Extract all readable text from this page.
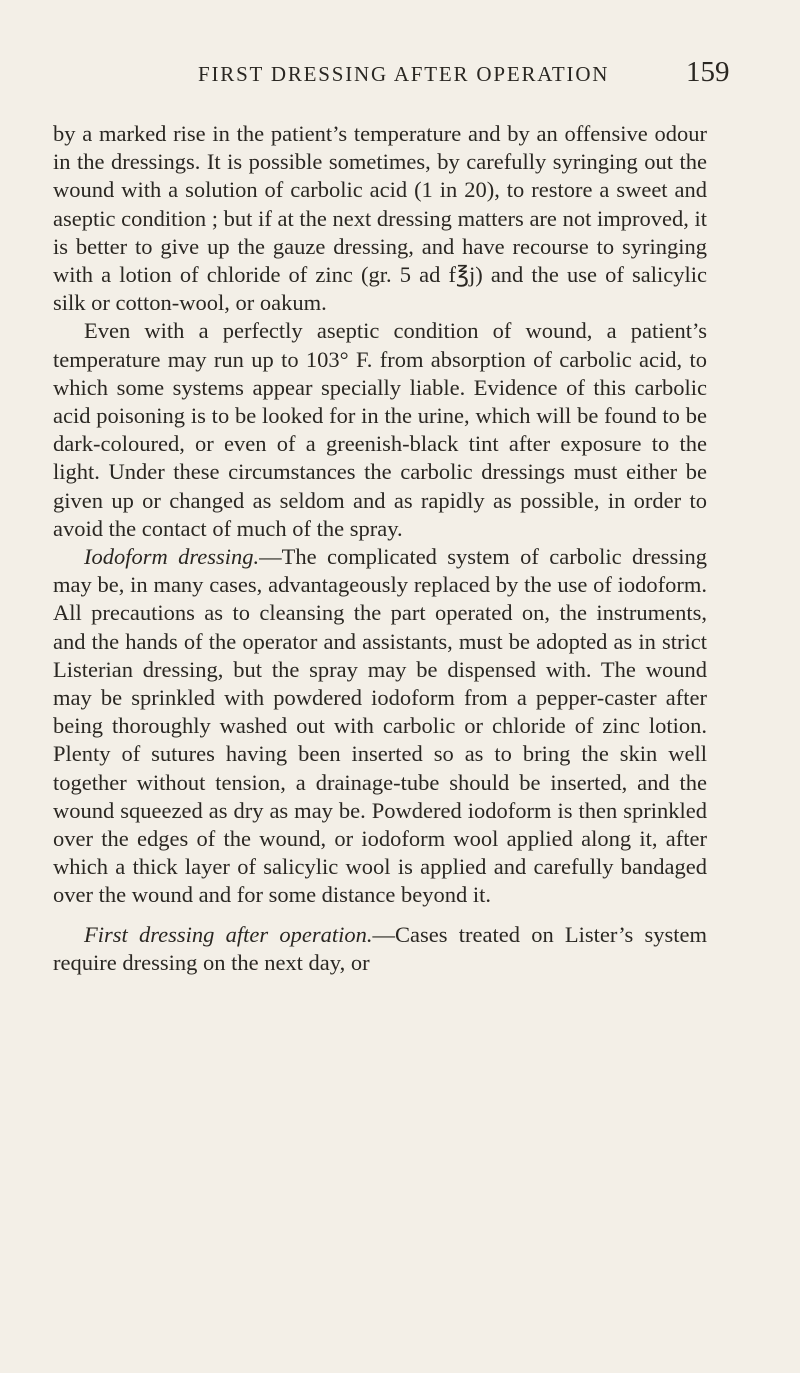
FIRST DRESSING AFTER OPERATION	159

by a marked rise in the patient’s temperature and by an offensive odour in the dressings. It is possible sometimes, by carefully syringing out the wound with a solution of carbolic acid (1 in 20), to restore a sweet and aseptic condition ; but if at the next dressing matters are not improved, it is better to give up the gauze dressing, and have recourse to syringing with a lotion of chloride of zinc (gr. 5 ad f℥j) and the use of salicylic silk or cotton-wool, or oakum.

Even with a perfectly aseptic condition of wound, a patient’s temperature may run up to 103° F. from absorption of carbolic acid, to which some systems appear specially liable. Evidence of this carbolic acid poisoning is to be looked for in the urine, which will be found to be dark-coloured, or even of a greenish-black tint after exposure to the light. Under these circumstances the carbolic dressings must either be given up or changed as seldom and as rapidly as possible, in order to avoid the contact of much of the spray.

Iodoform dressing.—The complicated system of carbolic dressing may be, in many cases, advantageously replaced by the use of iodoform. All precautions as to cleansing the part operated on, the instruments, and the hands of the operator and assistants, must be adopted as in strict Listerian dressing, but the spray may be dispensed with. The wound may be sprinkled with powdered iodoform from a pepper-caster after being thoroughly washed out with carbolic or chloride of zinc lotion. Plenty of sutures having been inserted so as to bring the skin well together without tension, a drainage-tube should be inserted, and the wound squeezed as dry as may be. Powdered iodoform is then sprinkled over the edges of the wound, or iodoform wool applied along it, after which a thick layer of salicylic wool is applied and carefully bandaged over the wound and for some distance beyond it.

First dressing after operation.—Cases treated on Lister’s system require dressing on the next day, or
